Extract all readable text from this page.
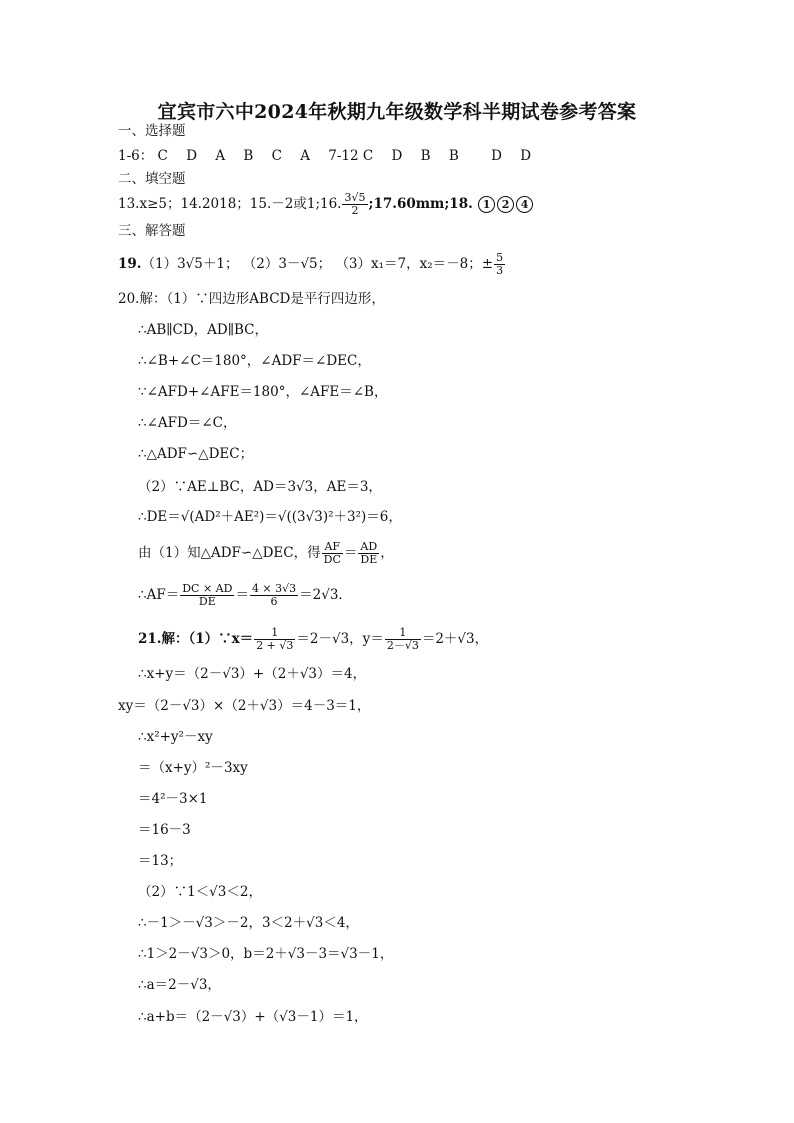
宜宾市六中2024年秋期九年级数学科半期试卷参考答案
一、选择题
1-6： C D A B C A 7-12 C D B B D D
二、填空题
13.x≥5；14.2018；15.－2或1;16. $\frac{3√5}{2}$ ;17.60mm;18. 1 2 4
三、解答题
19.（1）3√5＋1； （2）3－√5； （3）x₁＝7，x₂＝－8；± $\frac{5}{3}$
20.解：（1）∵四边形ABCD是平行四边形，
∴AB∥CD，AD∥BC，
∴∠B+∠C＝180°，∠ADF＝∠DEC，
∵∠AFD+∠AFE＝180°，∠AFE＝∠B，
∴∠AFD＝∠C，
∴△ADF∽△DEC；
（2）∵AE⊥BC，AD＝3√3，AE＝3，
∴DE＝√(AD²＋AE²)＝√((3√3)²＋3²)＝6，
由（1）知△ADF∽△DEC，得 $\frac{AF}{DC} = \frac{AD}{DE}$ ，
∴AF＝ $\frac{DC \times AD}{DE} = \frac{4 \times 3√3}{6} =2√3$．
21.解：（1）∵x＝ $\frac{1}{2 + √3} =2-√3$，$y= \frac{1}{2-√3} =2+√3$，
∴x+y＝（2－√3）+（2＋√3）＝4，
xy＝（2－√3）×（2＋√3）＝4－3＝1，
∴x²+y²－xy
＝（x+y）²－3xy
＝4²－3×1
＝16－3
＝13；
（2）∵1＜√3＜2，
∴－1＞－√3＞－2，3＜2＋√3＜4，
∴1＞2－√3＞0，b＝2＋√3－3＝√3－1，
∴a＝2－√3，
∴a+b＝（2－√3）+（√3－1）＝1，
